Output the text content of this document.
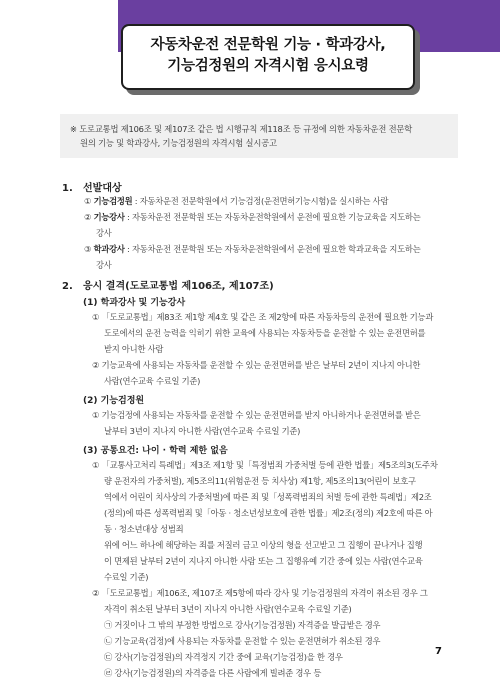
자동차운전 전문학원 기능 · 학과강사,
기능검정원의 자격시험 응시요령
※ 도로교통법 제106조 및 제107조 같은 법 시행규칙 제118조 등 규정에 의한 자동차운전 전문학
원의 기능 및 학과강사, 기능검정원의 자격시험 실시공고
1. 선발대상
① 기능검정원 : 자동차운전 전문학원에서 기능검정(운전면허기능시험)을 실시하는 사람
② 기능강사 : 자동차운전 전문학원 또는 자동차운전학원에서 운전에 필요한 기능교육을 지도하는
강사
③ 학과강사 : 자동차운전 전문학원 또는 자동차운전학원에서 운전에 필요한 학과교육을 지도하는
강사
2. 응시 결격(도로교통법 제106조, 제107조)
(1) 학과강사 및 기능강사
① 「도로교통법」제83조 제1항 제4호 및 같은 조 제2항에 따른 자동차등의 운전에 필요한 기능과
도로에서의 운전 능력을 익히기 위한 교육에 사용되는 자동차등을 운전할 수 있는 운전면허를
받지 아니한 사람
② 기능교육에 사용되는 자동차를 운전할 수 있는 운전면허를 받은 날부터 2년이 지나지 아니한
사람(연수교육 수료일 기준)
(2) 기능검정원
① 기능검정에 사용되는 자동차를 운전할 수 있는 운전면허를 받지 아니하거나 운전면허를 받은
날부터 3년이 지나지 아니한 사람(연수교육 수료일 기준)
(3) 공통요건: 나이 · 학력 제한 없음
① 「교통사고처리 특례법」제3조 제1항 및「특정범죄 가중처벌 등에 관한 법률」제5조의3(도주차
량 운전자의 가중처벌), 제5조의11(위험운전 등 치사상) 제1항, 제5조의13(어린이 보호구
역에서 어린이 치사상의 가중처벌)에 따른 죄 및「성폭력범죄의 처벌 등에 관한 특례법」제2조
(정의)에 따른 성폭력범죄 및「아동 · 청소년성보호에 관한 법률」제2조(정의) 제2호에 따른 아
동 · 청소년대상 성범죄
위에 어느 하나에 해당하는 죄를 저질러 금고 이상의 형을 선고받고 그 집행이 끝나거나 집행
이 면제된 날부터 2년이 지나지 아니한 사람 또는 그 집행유예 기간 중에 있는 사람(연수교육
수료일 기준)
② 「도로교통법」제106조, 제107조 제5항에 따라 강사 및 기능검정원의 자격이 취소된 경우 그
자격이 취소된 날부터 3년이 지나지 아니한 사람(연수교육 수료일 기준)
㉠ 거짓이나 그 밖의 부정한 방법으로 강사(기능검정원) 자격증을 발급받은 경우
㉡ 기능교육(검정)에 사용되는 자동차를 운전할 수 있는 운전면허가 취소된 경우
㉢ 강사(기능검정원)의 자격정지 기간 중에 교육(기능검정)을 한 경우
㉣ 강사(기능검정원)의 자격증을 다른 사람에게 빌려준 경우 등
7
